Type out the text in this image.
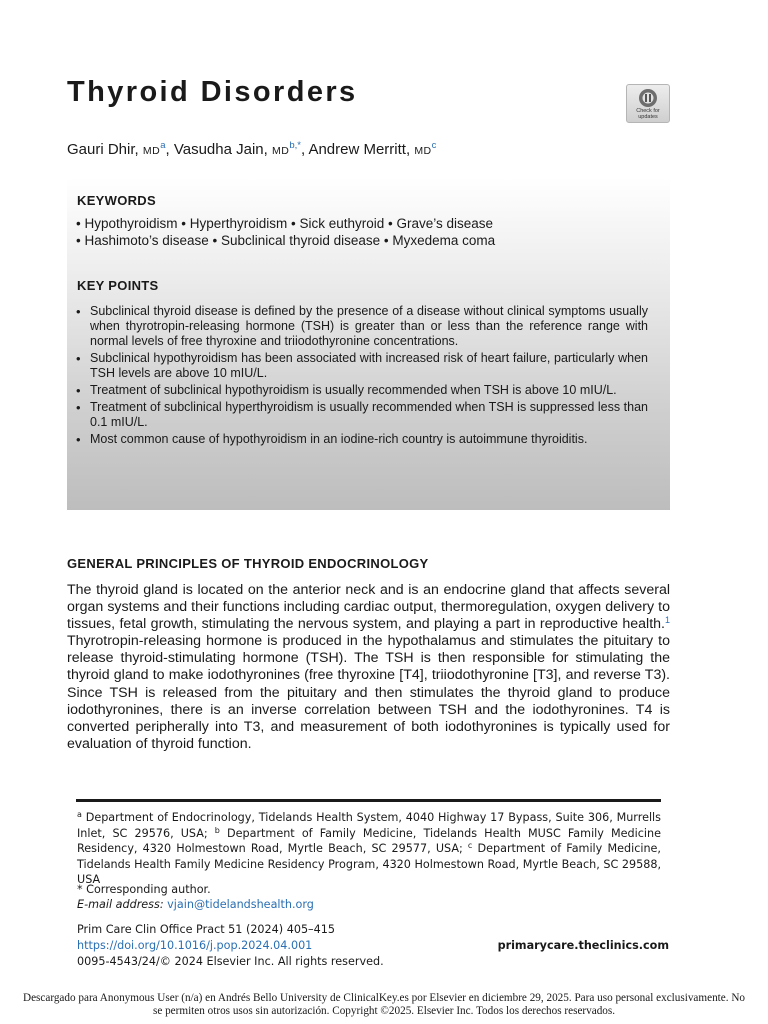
Thyroid Disorders
Check for
updates
Gauri Dhir, $MD^a$, Vasudha Jain, $MD^{b,*}$, Andrew Merritt, $MD^c$
KEYWORDS
• Hypothyroidism • Hyperthyroidism • Sick euthyroid • Grave’s disease
• Hashimoto’s disease • Subclinical thyroid disease • Myxedema coma
KEY POINTS
• Subclinical thyroid disease is defined by the presence of a disease without clinical symptoms usually when thyrotropin-releasing hormone (TSH) is greater than or less than the reference range with normal levels of free thyroxine and triiodothyronine concentrations.
• Subclinical hypothyroidism has been associated with increased risk of heart failure, particularly when TSH levels are above 10 mIU/L.
• Treatment of subclinical hypothyroidism is usually recommended when TSH is above 10 mIU/L.
• Treatment of subclinical hyperthyroidism is usually recommended when TSH is suppressed less than 0.1 mIU/L.
• Most common cause of hypothyroidism in an iodine-rich country is autoimmune thyroiditis.
GENERAL PRINCIPLES OF THYROID ENDOCRINOLOGY

The thyroid gland is located on the anterior neck and is an endocrine gland that affects several organ systems and their functions including cardiac output, thermoregulation, oxygen delivery to tissues, fetal growth, stimulating the nervous system, and playing a part in reproductive health.$^1$ Thyrotropin-releasing hormone is produced in the hypothalamus and stimulates the pituitary to release thyroid-stimulating hormone (TSH). The TSH is then responsible for stimulating the thyroid gland to make iodothyronines (free thyroxine [T4], triiodothyronine [T3], and reverse T3). Since TSH is released from the pituitary and then stimulates the thyroid gland to produce iodothyronines, there is an inverse correlation between TSH and the iodothyronines. T4 is converted peripherally into T3, and measurement of both iodothyronines is typically used for evaluation of thyroid function.

$^a$ Department of Endocrinology, Tidelands Health System, 4040 Highway 17 Bypass, Suite 306, Murrells Inlet, SC 29576, USA; $^b$ Department of Family Medicine, Tidelands Health MUSC Family Medicine Residency, 4320 Holmestown Road, Myrtle Beach, SC 29577, USA; $^c$ Department of Family Medicine, Tidelands Health Family Medicine Residency Program, 4320 Holmestown Road, Myrtle Beach, SC 29588, USA

* Corresponding author.
E-mail address: vjain@tidelandshealth.org
Prim Care Clin Office Pract 51 (2024) 405–415
https://doi.org/10.1016/j.pop.2024.04.001
0095-4543/24/© 2024 Elsevier Inc. All rights reserved.
primarycare.theclinics.com

Descargado para Anonymous User (n/a) en Andrés Bello University de ClinicalKey.es por Elsevier en diciembre 29, 2025. Para uso personal exclusivamente. No se permiten otros usos sin autorización. Copyright ©2025. Elsevier Inc. Todos los derechos reservados.
